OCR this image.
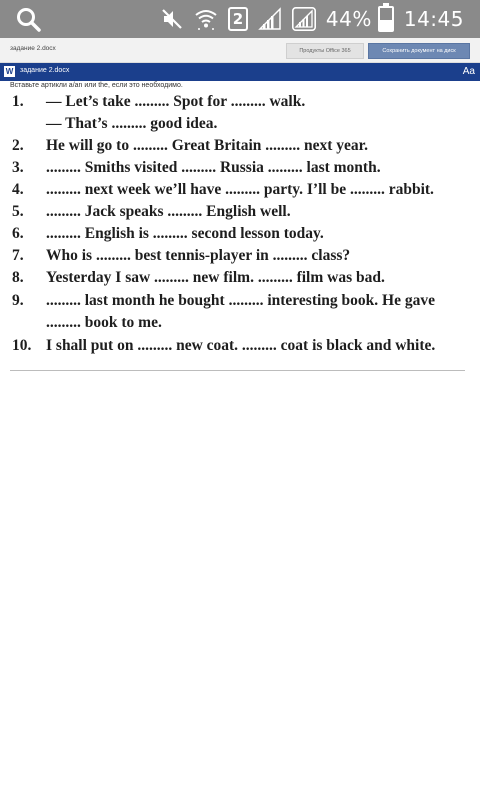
2	44% 14:45
задание 2.docx	Продукты Office 365	Сохранить документ на диск
W задание 2.docx	Aa
Вставьте артикли a/an или the, если это необходимо.
1.	— Let’s take ......... Spot for ......... walk.
— That’s ......... good idea.
2.	He will go to ......... Great Britain ......... next year.
3.	......... Smiths visited ......... Russia ......... last month.
4.	......... next week we’ll have ......... party. I’ll be ......... rabbit.
5.	......... Jack speaks ......... English well.
6.	......... English is ......... second lesson today.
7.	Who is ......... best tennis-player in ......... class?
8.	Yesterday I saw ......... new film. ......... film was bad.
9.	......... last month he bought ......... interesting book. He gave
......... book to me.
10. I shall put on ......... new coat. ......... coat is black and white.
